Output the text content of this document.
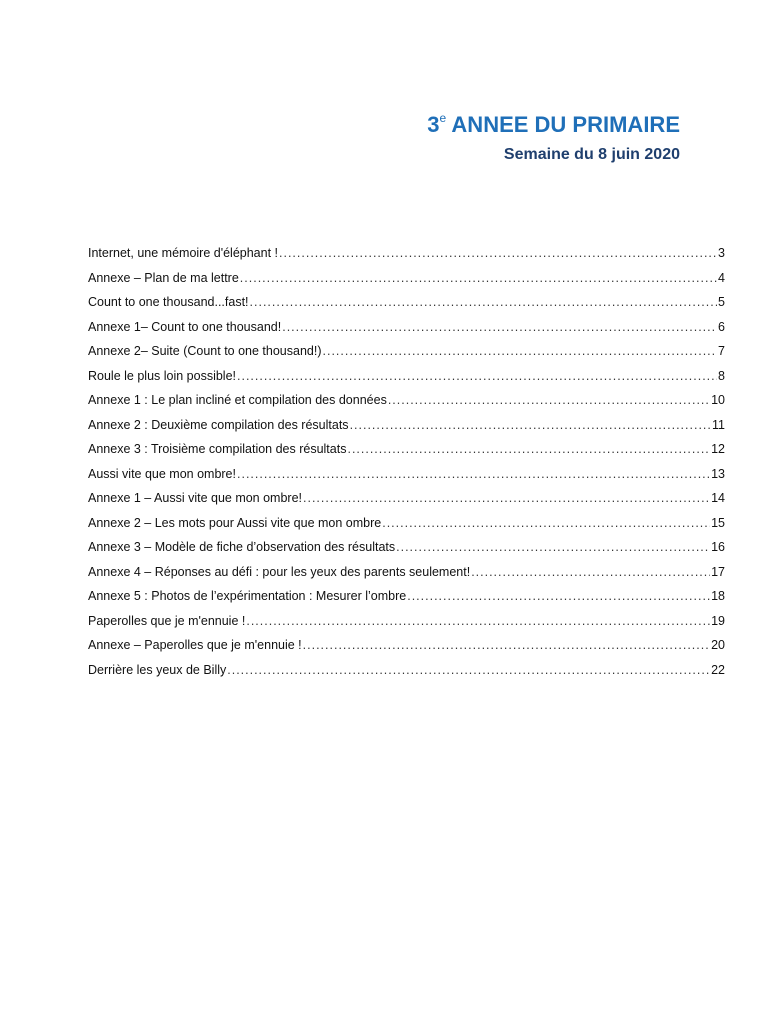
3e ANNEE DU PRIMAIRE
Semaine du 8 juin 2020
Internet, une mémoire d'éléphant ! .....	3
Annexe – Plan de ma lettre .....	4
Count to one thousand...fast! .....	5
Annexe 1– Count to one thousand! .....	6
Annexe 2– Suite (Count to one thousand!) .....	7
Roule le plus loin possible! .....	8
Annexe 1 : Le plan incliné et compilation des données .....	10
Annexe 2 : Deuxième compilation des résultats .....	11
Annexe 3 : Troisième compilation des résultats .....	12
Aussi vite que mon ombre! .....	13
Annexe 1 – Aussi vite que mon ombre! .....	14
Annexe 2 – Les mots pour Aussi vite que mon ombre .....	15
Annexe 3 – Modèle de fiche d’observation des résultats .....	16
Annexe 4 – Réponses au défi : pour les yeux des parents seulement! .....	17
Annexe 5 : Photos de l’expérimentation : Mesurer l’ombre .....	18
Paperolles que je m'ennuie ! .....	19
Annexe – Paperolles que je m'ennuie ! .....	20
Derrière les yeux de Billy .....	22
